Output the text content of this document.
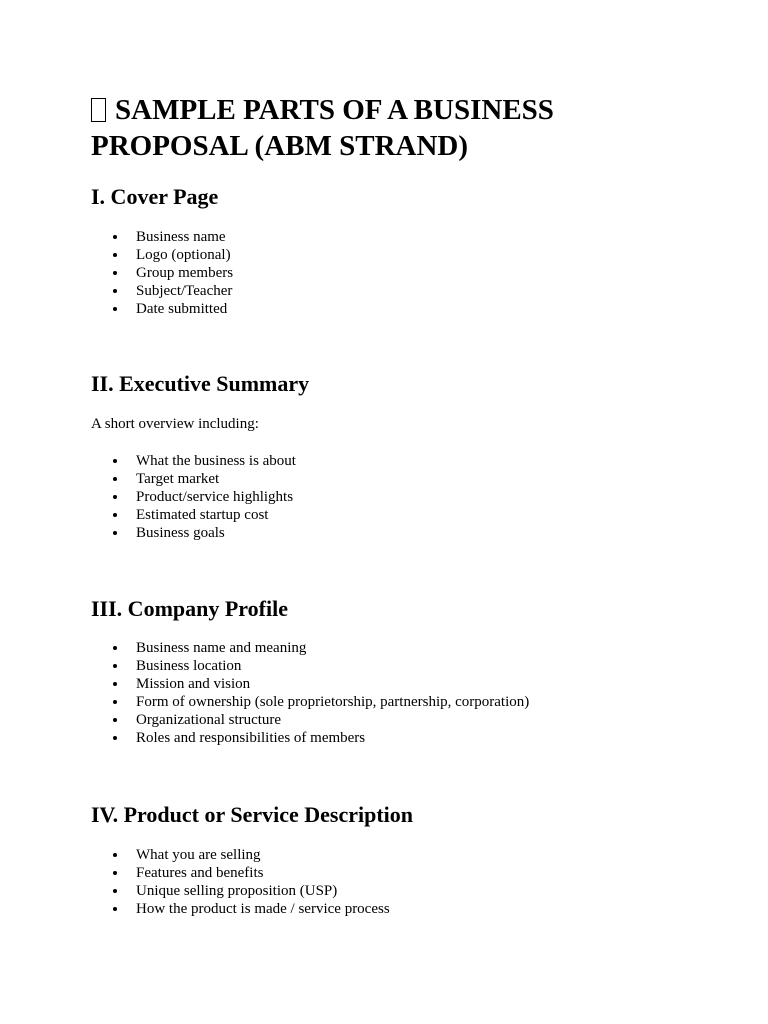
SAMPLE PARTS OF A BUSINESS PROPOSAL (ABM STRAND)
I. Cover Page
Business name
Logo (optional)
Group members
Subject/Teacher
Date submitted
II. Executive Summary

A short overview including:

What the business is about
Target market
Product/service highlights
Estimated startup cost
Business goals
III. Company Profile
Business name and meaning
Business location
Mission and vision
Form of ownership (sole proprietorship, partnership, corporation)
Organizational structure
Roles and responsibilities of members
IV. Product or Service Description
What you are selling
Features and benefits
Unique selling proposition (USP)
How the product is made / service process
